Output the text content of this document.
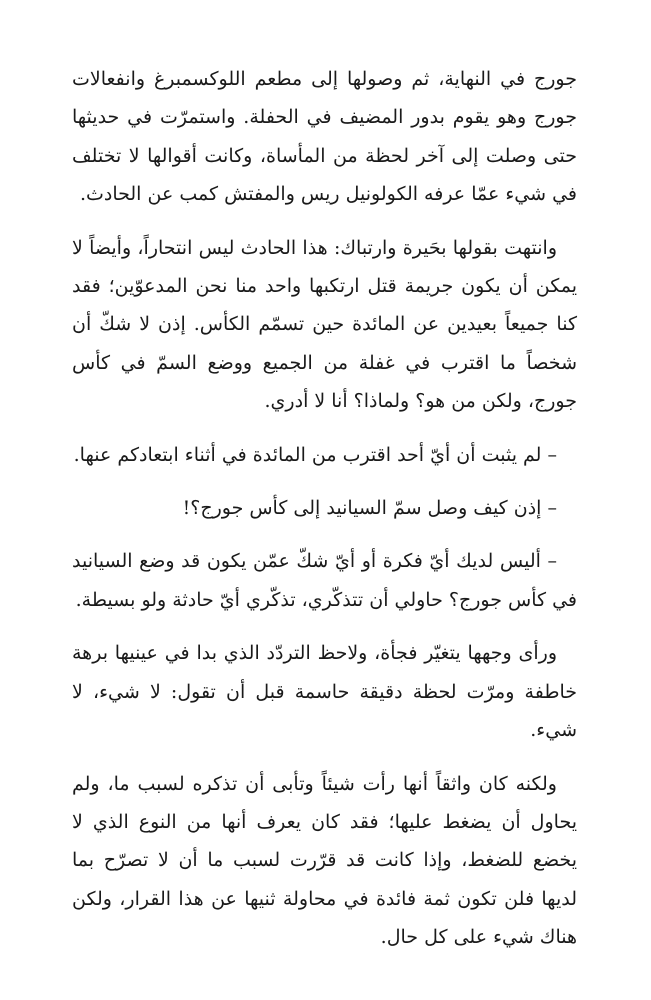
جورج في النهاية، ثم وصولها إلى مطعم اللوكسمبرغ وانفعالات جورج وهو يقوم بدور المضيف في الحفلة. واستمرّت في حديثها حتى وصلت إلى آخر لحظة من المأساة، وكانت أقوالها لا تختلف في شيء عمّا عرفه الكولونيل ريس والمفتش كمب عن الحادث.

وانتهت بقولها بحَيرة وارتباك: هذا الحادث ليس انتحاراً، وأيضاً لا يمكن أن يكون جريمة قتل ارتكبها واحد منا نحن المدعوّين؛ فقد كنا جميعاً بعيدين عن المائدة حين تسمّم الكأس. إذن لا شكّ أن شخصاً ما اقترب في غفلة من الجميع ووضع السمّ في كأس جورج، ولكن من هو؟ ولماذا؟ أنا لا أدري.

– لم يثبت أن أيّ أحد اقترب من المائدة في أثناء ابتعادكم عنها.

– إذن كيف وصل سمّ السيانيد إلى كأس جورج؟!

– أليس لديك أيّ فكرة أو أيّ شكّ عمّن يكون قد وضع السيانيد في كأس جورج؟ حاولي أن تتذكّري، تذكّري أيّ حادثة ولو بسيطة.

ورأى وجهها يتغيّر فجأة، ولاحظ التردّد الذي بدا في عينيها برهة خاطفة ومرّت لحظة دقيقة حاسمة قبل أن تقول: لا شيء، لا شيء.

ولكنه كان واثقاً أنها رأت شيئاً وتأبى أن تذكره لسبب ما، ولم يحاول أن يضغط عليها؛ فقد كان يعرف أنها من النوع الذي لا يخضع للضغط، وإذا كانت قد قرّرت لسبب ما أن لا تصرّح بما لديها فلن تكون ثمة فائدة في محاولة ثنيها عن هذا القرار، ولكن هناك شيء على كل حال.
